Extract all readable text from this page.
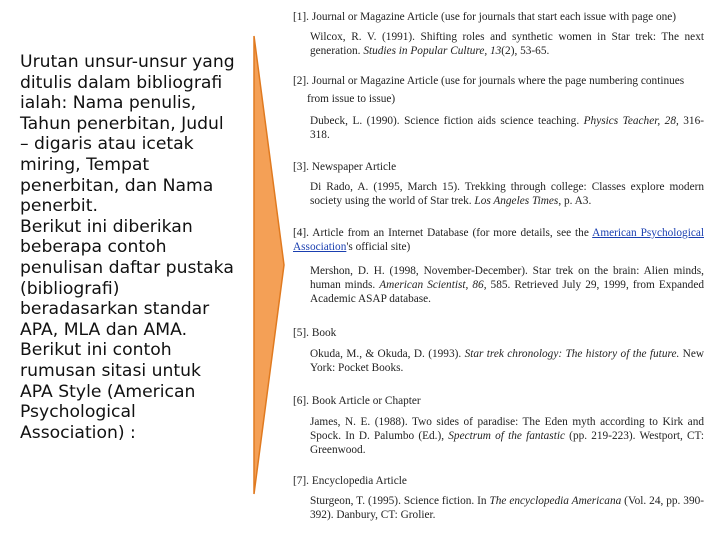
Urutan unsur-unsur yang ditulis dalam bibliografi ialah: Nama penulis, Tahun penerbitan, Judul – digaris atau icetak miring, Tempat penerbitan, dan Nama penerbit.

Berikut ini diberikan beberapa contoh penulisan daftar pustaka (bibliografi) beradasarkan standar APA, MLA dan AMA.

Berikut ini contoh rumusan sitasi untuk APA Style (American Psychological Association) :

[1]. Journal or Magazine Article (use for journals that start each issue with page one)
Wilcox, R. V. (1991). Shifting roles and synthetic women in Star trek: The next generation. Studies in Popular Culture, 13(2), 53-65.
[2]. Journal or Magazine Article (use for journals where the page numbering continues
from issue to issue)
Dubeck, L. (1990). Science fiction aids science teaching. Physics Teacher, 28, 316-318.
[3]. Newspaper Article
Di Rado, A. (1995, March 15). Trekking through college: Classes explore modern society using the world of Star trek. Los Angeles Times, p. A3.
[4]. Article from an Internet Database (for more details, see the American Psychological Association's official site)
Mershon, D. H. (1998, November-December). Star trek on the brain: Alien minds, human minds. American Scientist, 86, 585. Retrieved July 29, 1999, from Expanded Academic ASAP database.
[5]. Book
Okuda, M., & Okuda, D. (1993). Star trek chronology: The history of the future. New York: Pocket Books.
[6]. Book Article or Chapter
James, N. E. (1988). Two sides of paradise: The Eden myth according to Kirk and Spock. In D. Palumbo (Ed.), Spectrum of the fantastic (pp. 219-223). Westport, CT: Greenwood.
[7]. Encyclopedia Article
Sturgeon, T. (1995). Science fiction. In The encyclopedia Americana (Vol. 24, pp. 390-392). Danbury, CT: Grolier.
